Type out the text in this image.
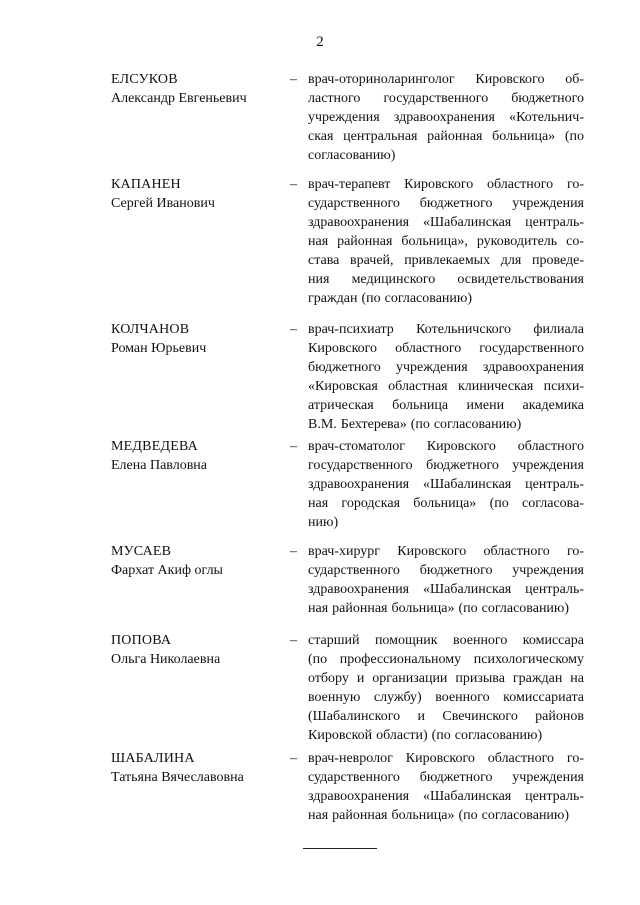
2
ЕЛСУКОВ
Александр Евгеньевич
– врач-оториноларинголог Кировского об-
ластного государственного бюджетного
учреждения здравоохранения «Котельнич-
ская центральная районная больница» (по
согласованию)
КАПАНЕН
Сергей Иванович
– врач-терапевт Кировского областного го-
сударственного бюджетного учреждения
здравоохранения «Шабалинская централь-
ная районная больница», руководитель со-
става врачей, привлекаемых для проведе-
ния медицинского освидетельствования
граждан (по согласованию)
КОЛЧАНОВ
Роман Юрьевич
– врач-психиатр Котельничского филиала
Кировского областного государственного
бюджетного учреждения здравоохранения
«Кировская областная клиническая психи-
атрическая больница имени академика
В.М. Бехтерева» (по согласованию)
МЕДВЕДЕВА
Елена Павловна
– врач-стоматолог Кировского областного
государственного бюджетного учреждения
здравоохранения «Шабалинская централь-
ная городская больница» (по согласова-
нию)
МУСАЕВ
Фархат Акиф оглы
– врач-хирург Кировского областного го-
сударственного бюджетного учреждения
здравоохранения «Шабалинская централь-
ная районная больница» (по согласованию)
ПОПОВА
Ольга Николаевна
– старший помощник военного комиссара
(по профессиональному психологическому
отбору и организации призыва граждан на
военную службу) военного комиссариата
(Шабалинского и Свечинского районов
Кировской области) (по согласованию)
ШАБАЛИНА
Татьяна Вячеславовна
– врач-невролог Кировского областного го-
сударственного бюджетного учреждения
здравоохранения «Шабалинская централь-
ная районная больница» (по согласованию)
